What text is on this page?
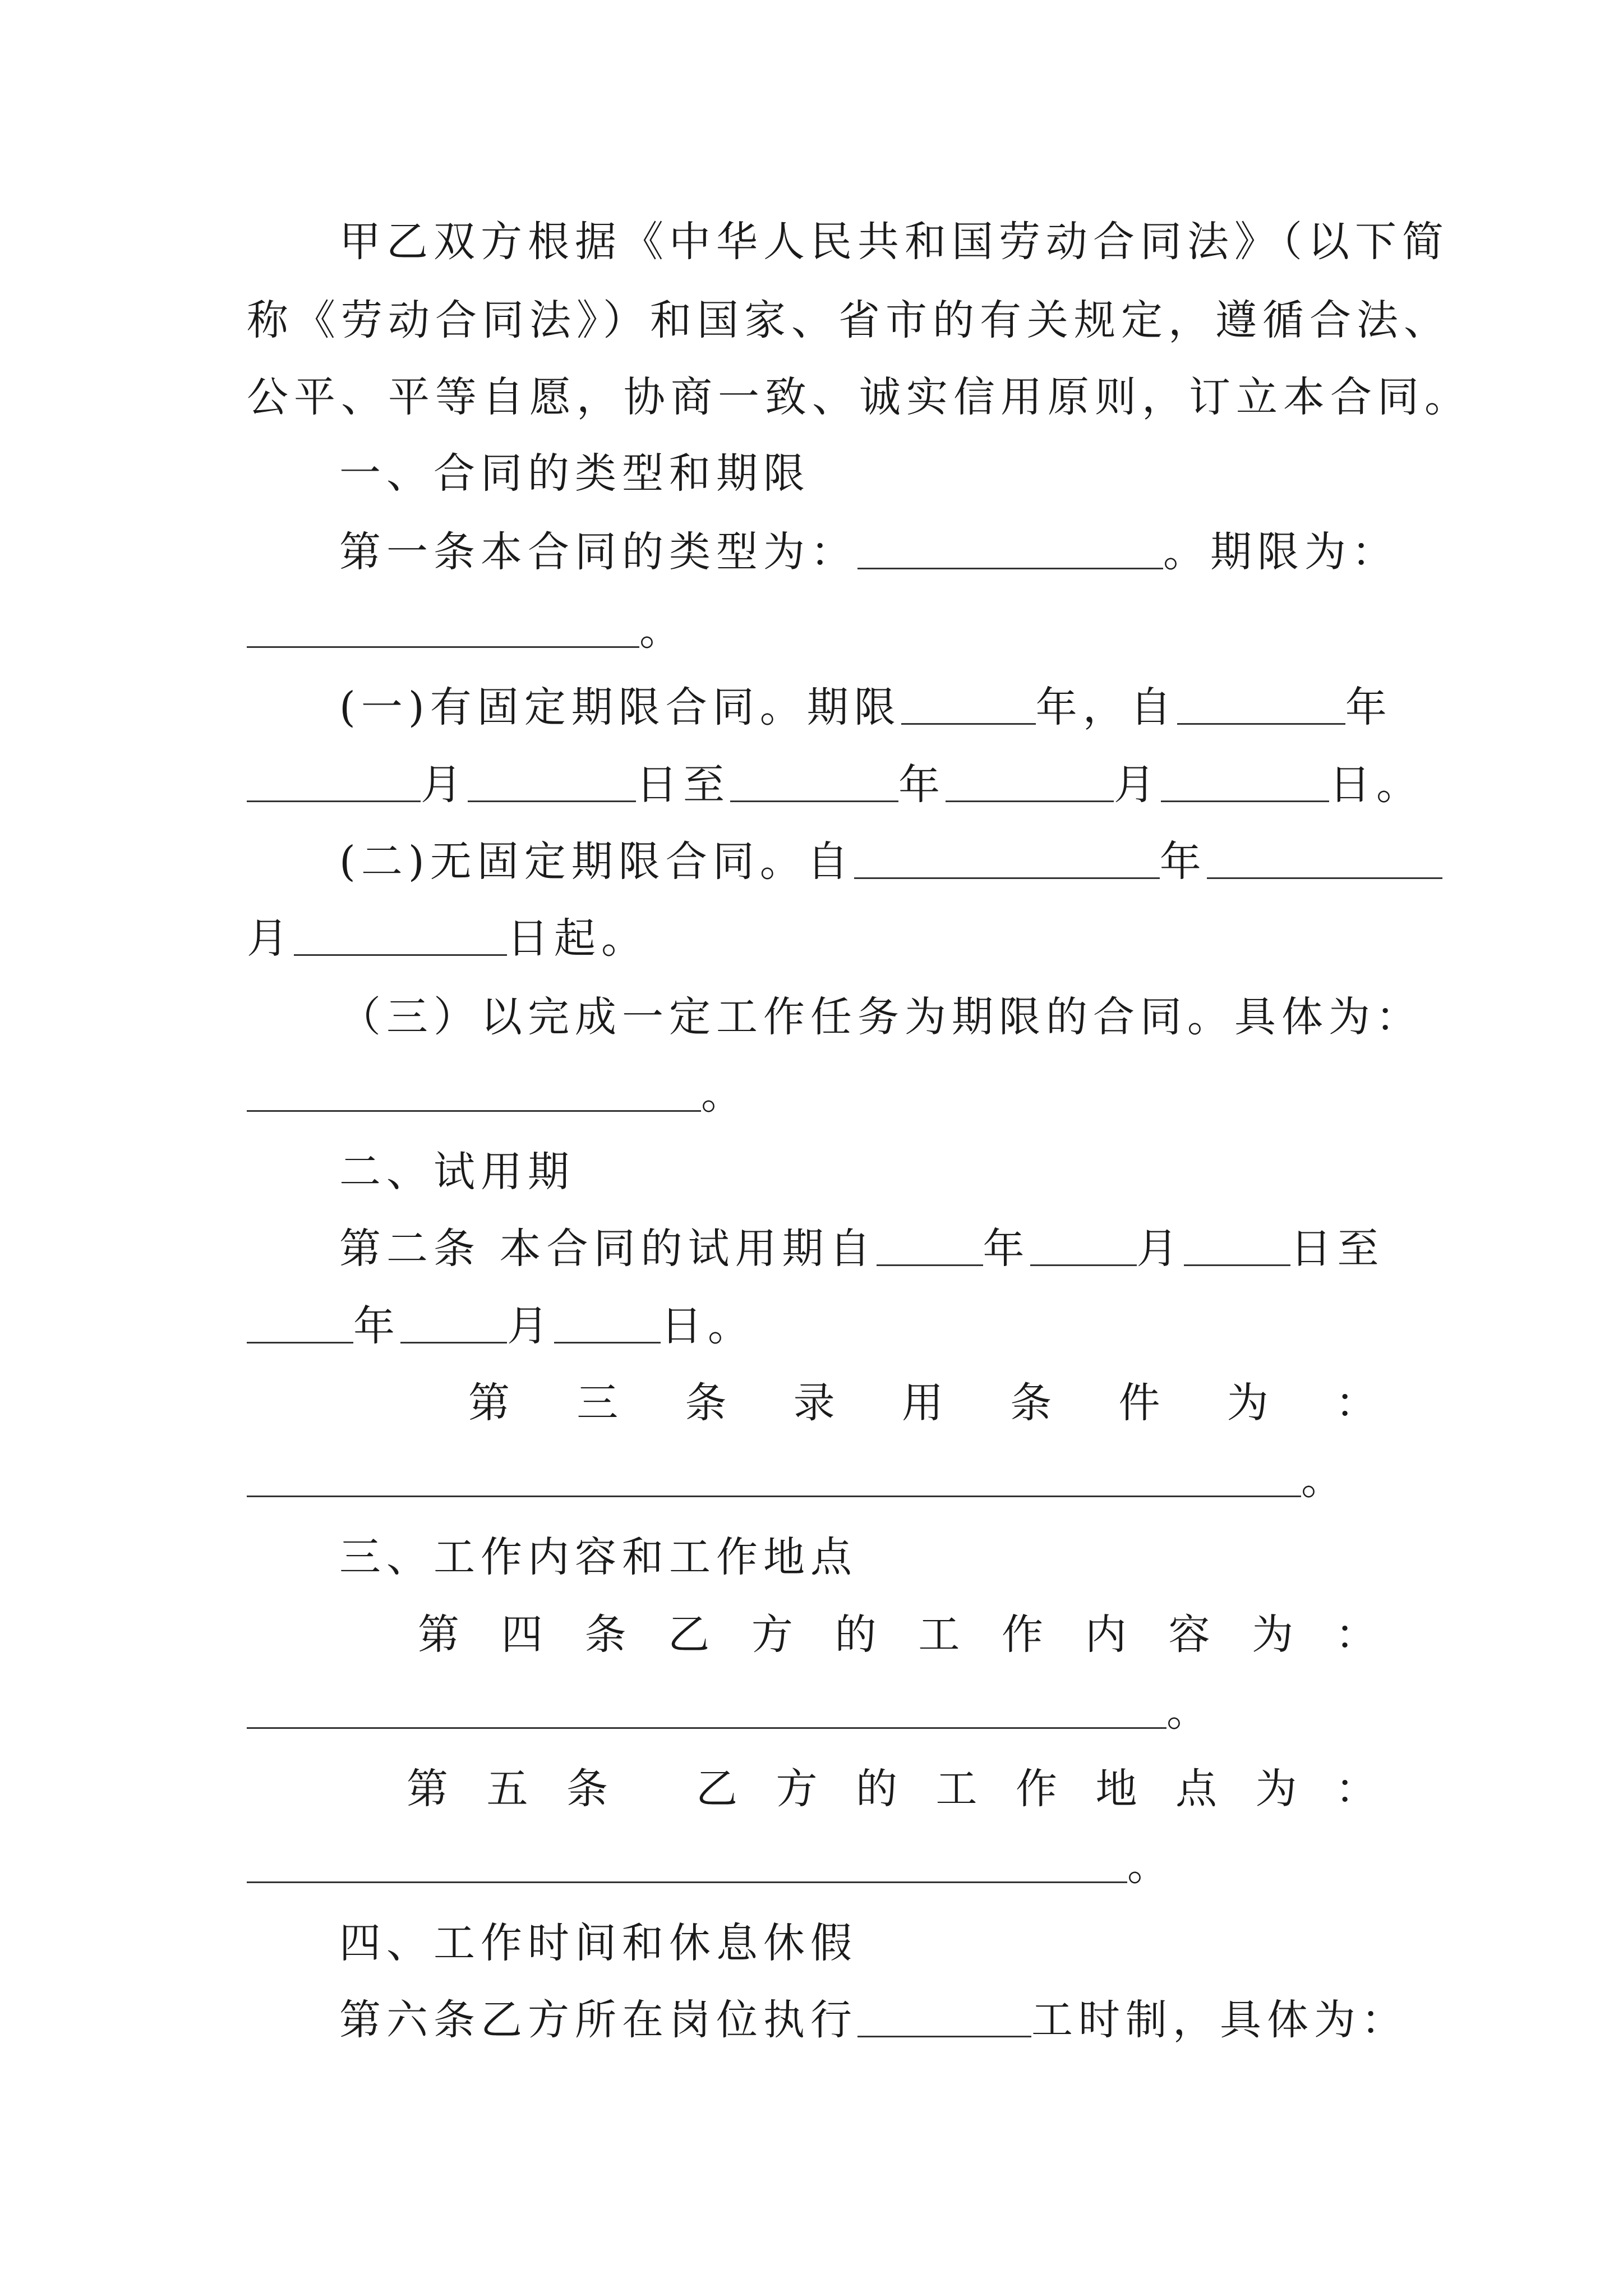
甲乙双方根据《中华人民共和国劳动合同法》（以下简
称《劳动合同法》）和国家、省市的有关规定，遵循合法、
公平、平等自愿，协商一致、诚实信用原则，订立本合同。
一、合同的类型和期限
第一条本合同的类型为：	。期限为：
。
(一)有固定期限合同。期限	年，自	年
月	日至	年	月	日。
(二)无固定期限合同。自	年
月	日起。
（三）以完成一定工作任务为期限的合同。具体为：
。
二、试用期
第二条 本合同的试用期自	年	月	日至
年	月	日。
第 三 条 录 用 条 件 为 ：
。
三、工作内容和工作地点
第 四 条 乙 方 的 工 作 内 容 为 ：
。
第 五 条 乙 方 的 工 作 地 点 为 ：
。
四、工作时间和休息休假
第六条乙方所在岗位执行	工时制，具体为：
